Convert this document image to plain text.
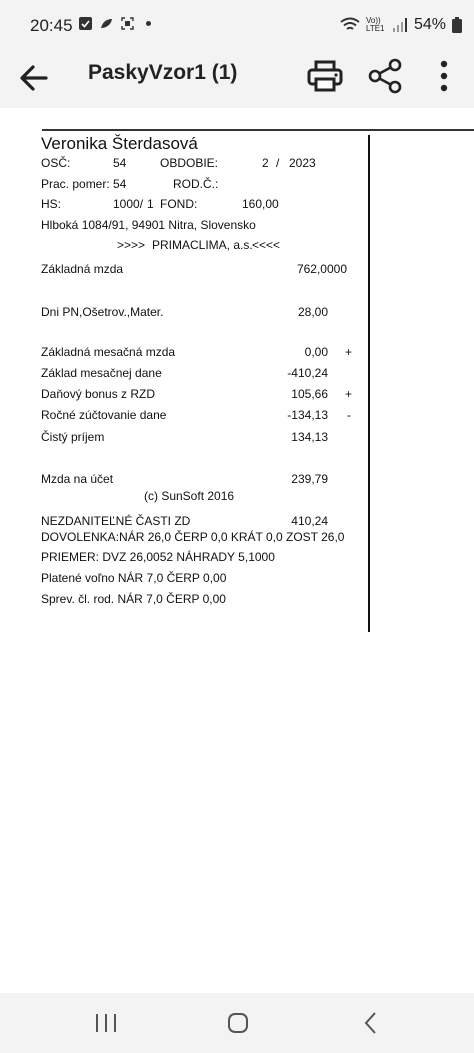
20:45	Vo)) LTE1 54%
PaskyVzor1 (1)
Veronika Šterdasová
OSČ:	54	OBDOBIE:	2 / 2023
Prac. pomer: 54	ROD.Č.:
HS:	1000/ 1 FOND:	160,00
Hlboká 1084/91, 94901 Nitra, Slovensko
>>>> PRIMACLIMA, a.s. <<<<
Základná mzda	762,0000
Dni PN,Ošetrov.,Mater.	28,00
Základná mesačná mzda	0,00 +
Základ mesačnej dane	-410,24
Daňový bonus z RZD	105,66 +
Ročné zúčtovanie dane	-134,13 -
Čistý príjem	134,13
Mzda na účet	239,79
(c) SunSoft 2016
NEZDANITEĽNÉ ČASTI ZD	410,24
DOVOLENKA:NÁR 26,0 ČERP 0,0 KRÁT 0,0 ZOST 26,0
PRIEMER: DVZ 26,0052 NÁHRADY 5,1000
Platené voľno NÁR 7,0 ČERP 0,00
Sprev. čl. rod. NÁR 7,0 ČERP 0,00
